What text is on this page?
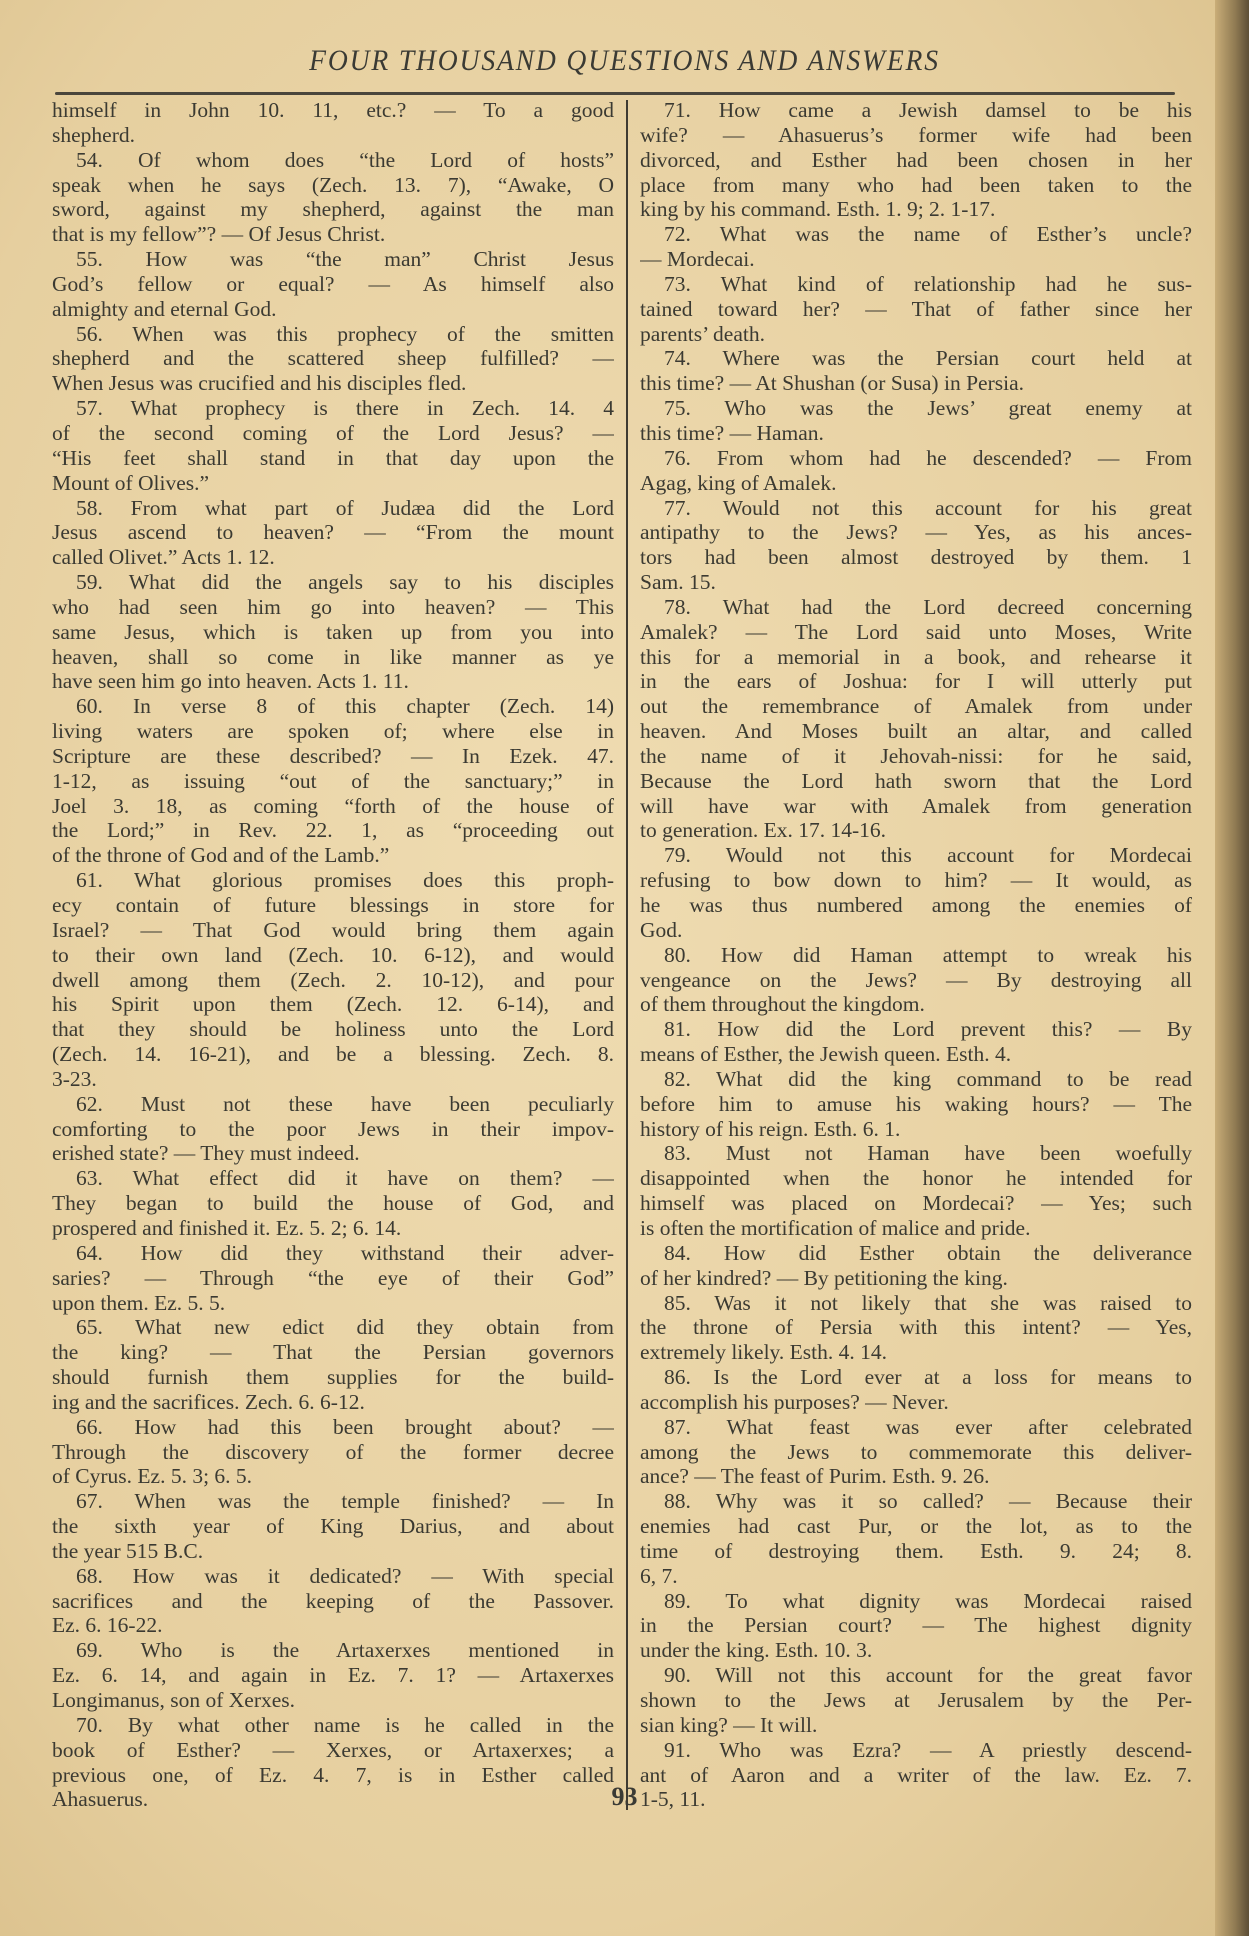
FOUR THOUSAND QUESTIONS AND ANSWERS
himself in John 10. 11, etc.? — To a good
shepherd.
54. Of whom does “the Lord of hosts”
speak when he says (Zech. 13. 7), “Awake, O
sword, against my shepherd, against the man
that is my fellow”? — Of Jesus Christ.
55. How was “the man” Christ Jesus
God’s fellow or equal? — As himself also
almighty and eternal God.
56. When was this prophecy of the smitten
shepherd and the scattered sheep fulfilled? —
When Jesus was crucified and his disciples fled.
57. What prophecy is there in Zech. 14. 4
of the second coming of the Lord Jesus? —
“His feet shall stand in that day upon the
Mount of Olives.”
58. From what part of Judæa did the Lord
Jesus ascend to heaven? — “From the mount
called Olivet.” Acts 1. 12.
59. What did the angels say to his disciples
who had seen him go into heaven? — This
same Jesus, which is taken up from you into
heaven, shall so come in like manner as ye
have seen him go into heaven. Acts 1. 11.
60. In verse 8 of this chapter (Zech. 14)
living waters are spoken of; where else in
Scripture are these described? — In Ezek. 47.
1-12, as issuing “out of the sanctuary;” in
Joel 3. 18, as coming “forth of the house of
the Lord;” in Rev. 22. 1, as “proceeding out
of the throne of God and of the Lamb.”
61. What glorious promises does this proph-
ecy contain of future blessings in store for
Israel? — That God would bring them again
to their own land (Zech. 10. 6-12), and would
dwell among them (Zech. 2. 10-12), and pour
his Spirit upon them (Zech. 12. 6-14), and
that they should be holiness unto the Lord
(Zech. 14. 16-21), and be a blessing. Zech. 8.
3-23.
62. Must not these have been peculiarly
comforting to the poor Jews in their impov-
erished state? — They must indeed.
63. What effect did it have on them? —
They began to build the house of God, and
prospered and finished it. Ez. 5. 2; 6. 14.
64. How did they withstand their adver-
saries? — Through “the eye of their God”
upon them. Ez. 5. 5.
65. What new edict did they obtain from
the king? — That the Persian governors
should furnish them supplies for the build-
ing and the sacrifices. Zech. 6. 6-12.
66. How had this been brought about? —
Through the discovery of the former decree
of Cyrus. Ez. 5. 3; 6. 5.
67. When was the temple finished? — In
the sixth year of King Darius, and about
the year 515 B.C.
68. How was it dedicated? — With special
sacrifices and the keeping of the Passover.
Ez. 6. 16-22.
69. Who is the Artaxerxes mentioned in
Ez. 6. 14, and again in Ez. 7. 1? — Artaxerxes
Longimanus, son of Xerxes.
70. By what other name is he called in the
book of Esther? — Xerxes, or Artaxerxes; a
previous one, of Ez. 4. 7, is in Esther called
Ahasuerus.
71. How came a Jewish damsel to be his
wife? — Ahasuerus’s former wife had been
divorced, and Esther had been chosen in her
place from many who had been taken to the
king by his command. Esth. 1. 9; 2. 1-17.
72. What was the name of Esther’s uncle?
— Mordecai.
73. What kind of relationship had he sus-
tained toward her? — That of father since her
parents’ death.
74. Where was the Persian court held at
this time? — At Shushan (or Susa) in Persia.
75. Who was the Jews’ great enemy at
this time? — Haman.
76. From whom had he descended? — From
Agag, king of Amalek.
77. Would not this account for his great
antipathy to the Jews? — Yes, as his ances-
tors had been almost destroyed by them. 1
Sam. 15.
78. What had the Lord decreed concerning
Amalek? — The Lord said unto Moses, Write
this for a memorial in a book, and rehearse it
in the ears of Joshua: for I will utterly put
out the remembrance of Amalek from under
heaven. And Moses built an altar, and called
the name of it Jehovah-nissi: for he said,
Because the Lord hath sworn that the Lord
will have war with Amalek from generation
to generation. Ex. 17. 14-16.
79. Would not this account for Mordecai
refusing to bow down to him? — It would, as
he was thus numbered among the enemies of
God.
80. How did Haman attempt to wreak his
vengeance on the Jews? — By destroying all
of them throughout the kingdom.
81. How did the Lord prevent this? — By
means of Esther, the Jewish queen. Esth. 4.
82. What did the king command to be read
before him to amuse his waking hours? — The
history of his reign. Esth. 6. 1.
83. Must not Haman have been woefully
disappointed when the honor he intended for
himself was placed on Mordecai? — Yes; such
is often the mortification of malice and pride.
84. How did Esther obtain the deliverance
of her kindred? — By petitioning the king.
85. Was it not likely that she was raised to
the throne of Persia with this intent? — Yes,
extremely likely. Esth. 4. 14.
86. Is the Lord ever at a loss for means to
accomplish his purposes? — Never.
87. What feast was ever after celebrated
among the Jews to commemorate this deliver-
ance? — The feast of Purim. Esth. 9. 26.
88. Why was it so called? — Because their
enemies had cast Pur, or the lot, as to the
time of destroying them. Esth. 9. 24; 8.
6, 7.
89. To what dignity was Mordecai raised
in the Persian court? — The highest dignity
under the king. Esth. 10. 3.
90. Will not this account for the great favor
shown to the Jews at Jerusalem by the Per-
sian king? — It will.
91. Who was Ezra? — A priestly descend-
ant of Aaron and a writer of the law. Ez. 7.
1-5, 11.
93
